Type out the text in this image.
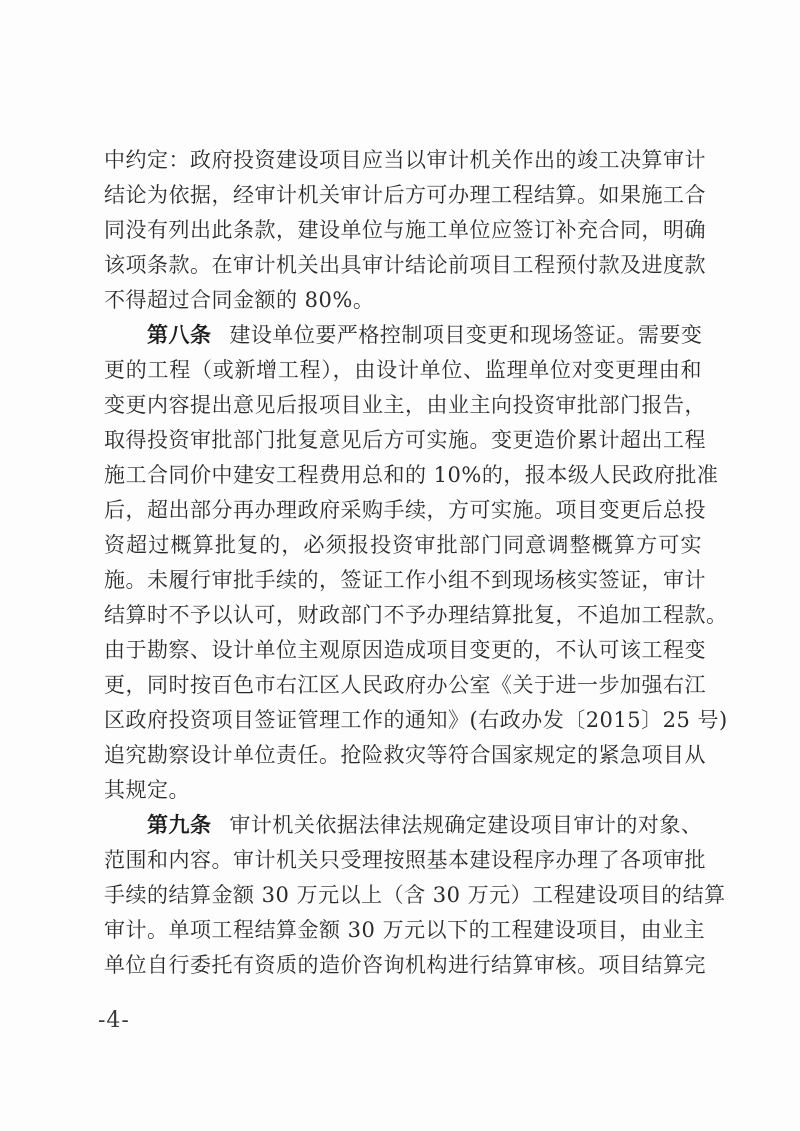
中约定：政府投资建设项目应当以审计机关作出的竣工决算审计
结论为依据，经审计机关审计后方可办理工程结算。如果施工合
同没有列出此条款，建设单位与施工单位应签订补充合同，明确
该项条款。在审计机关出具审计结论前项目工程预付款及进度款
不得超过合同金额的 80%。
第八条 建设单位要严格控制项目变更和现场签证。需要变
更的工程（或新增工程），由设计单位、监理单位对变更理由和
变更内容提出意见后报项目业主，由业主向投资审批部门报告，
取得投资审批部门批复意见后方可实施。变更造价累计超出工程
施工合同价中建安工程费用总和的 10%的，报本级人民政府批准
后，超出部分再办理政府采购手续，方可实施。项目变更后总投
资超过概算批复的，必须报投资审批部门同意调整概算方可实
施。未履行审批手续的，签证工作小组不到现场核实签证，审计
结算时不予以认可，财政部门不予办理结算批复，不追加工程款。
由于勘察、设计单位主观原因造成项目变更的，不认可该工程变
更，同时按百色市右江区人民政府办公室《关于进一步加强右江
区政府投资项目签证管理工作的通知》(右政办发〔2015〕25 号)
追究勘察设计单位责任。抢险救灾等符合国家规定的紧急项目从
其规定。
第九条 审计机关依据法律法规确定建设项目审计的对象、
范围和内容。审计机关只受理按照基本建设程序办理了各项审批
手续的结算金额 30 万元以上（含 30 万元）工程建设项目的结算
审计。单项工程结算金额 30 万元以下的工程建设项目，由业主
单位自行委托有资质的造价咨询机构进行结算审核。项目结算完
-4-
